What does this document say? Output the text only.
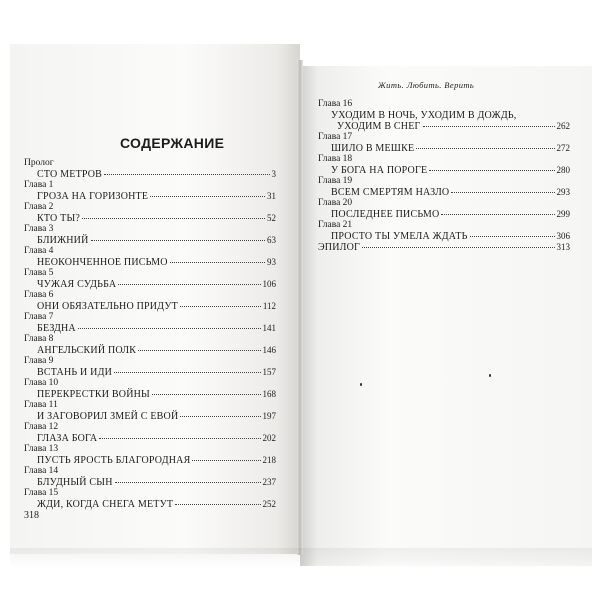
СОДЕРЖАНИЕ
Пролог
СТО МЕТРОВ	3
Глава 1
ГРОЗА НА ГОРИЗОНТЕ	31
Глава 2
КТО ТЫ?	52
Глава 3
БЛИЖНИЙ	63
Глава 4
НЕОКОНЧЕННОЕ ПИСЬМО	93
Глава 5
ЧУЖАЯ СУДЬБА	106
Глава 6
ОНИ ОБЯЗАТЕЛЬНО ПРИДУТ	112
Глава 7
БЕЗДНА	141
Глава 8
АНГЕЛЬСКИЙ ПОЛК	146
Глава 9
ВСТАНЬ И ИДИ	157
Глава 10
ПЕРЕКРЕСТКИ ВОЙНЫ	168
Глава 11
И ЗАГОВОРИЛ ЗМЕЙ С ЕВОЙ	197
Глава 12
ГЛАЗА БОГА	202
Глава 13
ПУСТЬ ЯРОСТЬ БЛАГОРОДНАЯ	218
Глава 14
БЛУДНЫЙ СЫН	237
Глава 15
ЖДИ, КОГДА СНЕГА МЕТУТ	252
318
Жить. Любить. Верить
Глава 16
УХОДИМ В НОЧЬ, УХОДИМ В ДОЖДЬ,
УХОДИМ В СНЕГ	262
Глава 17
ШИЛО В МЕШКЕ	272
Глава 18
У БОГА НА ПОРОГЕ	280
Глава 19
ВСЕМ СМЕРТЯМ НАЗЛО	293
Глава 20
ПОСЛЕДНЕЕ ПИСЬМО	299
Глава 21
ПРОСТО ТЫ УМЕЛА ЖДАТЬ	306
ЭПИЛОГ	313
